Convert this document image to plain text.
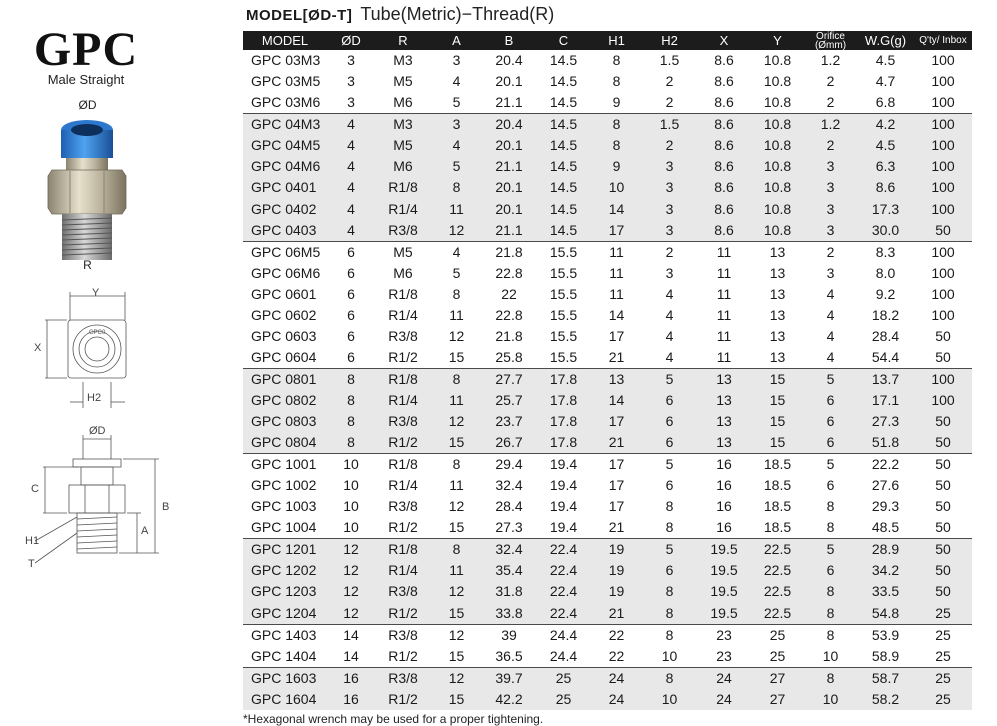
GPC
Male Straight
ØD
R
GPC0
Y
X
H2
ØD
C
B
A
H1
T
MODEL[ØD-T] Tube(Metric)−Thread(R)
MODEL	ØD	R	A	B	C	H1	H2	X	Y	Orifice (Ømm)	W.G(g)	Q'ty/ Inbox
GPC 03M3	3	M3	3	20.4	14.5	8	1.5	8.6	10.8	1.2	4.5	100
GPC 03M5	3	M5	4	20.1	14.5	8	2	8.6	10.8	2	4.7	100
GPC 03M6	3	M6	5	21.1	14.5	9	2	8.6	10.8	2	6.8	100
GPC 04M3	4	M3	3	20.4	14.5	8	1.5	8.6	10.8	1.2	4.2	100
GPC 04M5	4	M5	4	20.1	14.5	8	2	8.6	10.8	2	4.5	100
GPC 04M6	4	M6	5	21.1	14.5	9	3	8.6	10.8	3	6.3	100
GPC 0401	4	R1/8	8	20.1	14.5	10	3	8.6	10.8	3	8.6	100
GPC 0402	4	R1/4	11	20.1	14.5	14	3	8.6	10.8	3	17.3	100
GPC 0403	4	R3/8	12	21.1	14.5	17	3	8.6	10.8	3	30.0	50
GPC 06M5	6	M5	4	21.8	15.5	11	2	11	13	2	8.3	100
GPC 06M6	6	M6	5	22.8	15.5	11	3	11	13	3	8.0	100
GPC 0601	6	R1/8	8	22	15.5	11	4	11	13	4	9.2	100
GPC 0602	6	R1/4	11	22.8	15.5	14	4	11	13	4	18.2	100
GPC 0603	6	R3/8	12	21.8	15.5	17	4	11	13	4	28.4	50
GPC 0604	6	R1/2	15	25.8	15.5	21	4	11	13	4	54.4	50
GPC 0801	8	R1/8	8	27.7	17.8	13	5	13	15	5	13.7	100
GPC 0802	8	R1/4	11	25.7	17.8	14	6	13	15	6	17.1	100
GPC 0803	8	R3/8	12	23.7	17.8	17	6	13	15	6	27.3	50
GPC 0804	8	R1/2	15	26.7	17.8	21	6	13	15	6	51.8	50
GPC 1001	10	R1/8	8	29.4	19.4	17	5	16	18.5	5	22.2	50
GPC 1002	10	R1/4	11	32.4	19.4	17	6	16	18.5	6	27.6	50
GPC 1003	10	R3/8	12	28.4	19.4	17	8	16	18.5	8	29.3	50
GPC 1004	10	R1/2	15	27.3	19.4	21	8	16	18.5	8	48.5	50
GPC 1201	12	R1/8	8	32.4	22.4	19	5	19.5	22.5	5	28.9	50
GPC 1202	12	R1/4	11	35.4	22.4	19	6	19.5	22.5	6	34.2	50
GPC 1203	12	R3/8	12	31.8	22.4	19	8	19.5	22.5	8	33.5	50
GPC 1204	12	R1/2	15	33.8	22.4	21	8	19.5	22.5	8	54.8	25
GPC 1403	14	R3/8	12	39	24.4	22	8	23	25	8	53.9	25
GPC 1404	14	R1/2	15	36.5	24.4	22	10	23	25	10	58.9	25
GPC 1603	16	R3/8	12	39.7	25	24	8	24	27	8	58.7	25
GPC 1604	16	R1/2	15	42.2	25	24	10	24	27	10	58.2	25
*Hexagonal wrench may be used for a proper tightening.
